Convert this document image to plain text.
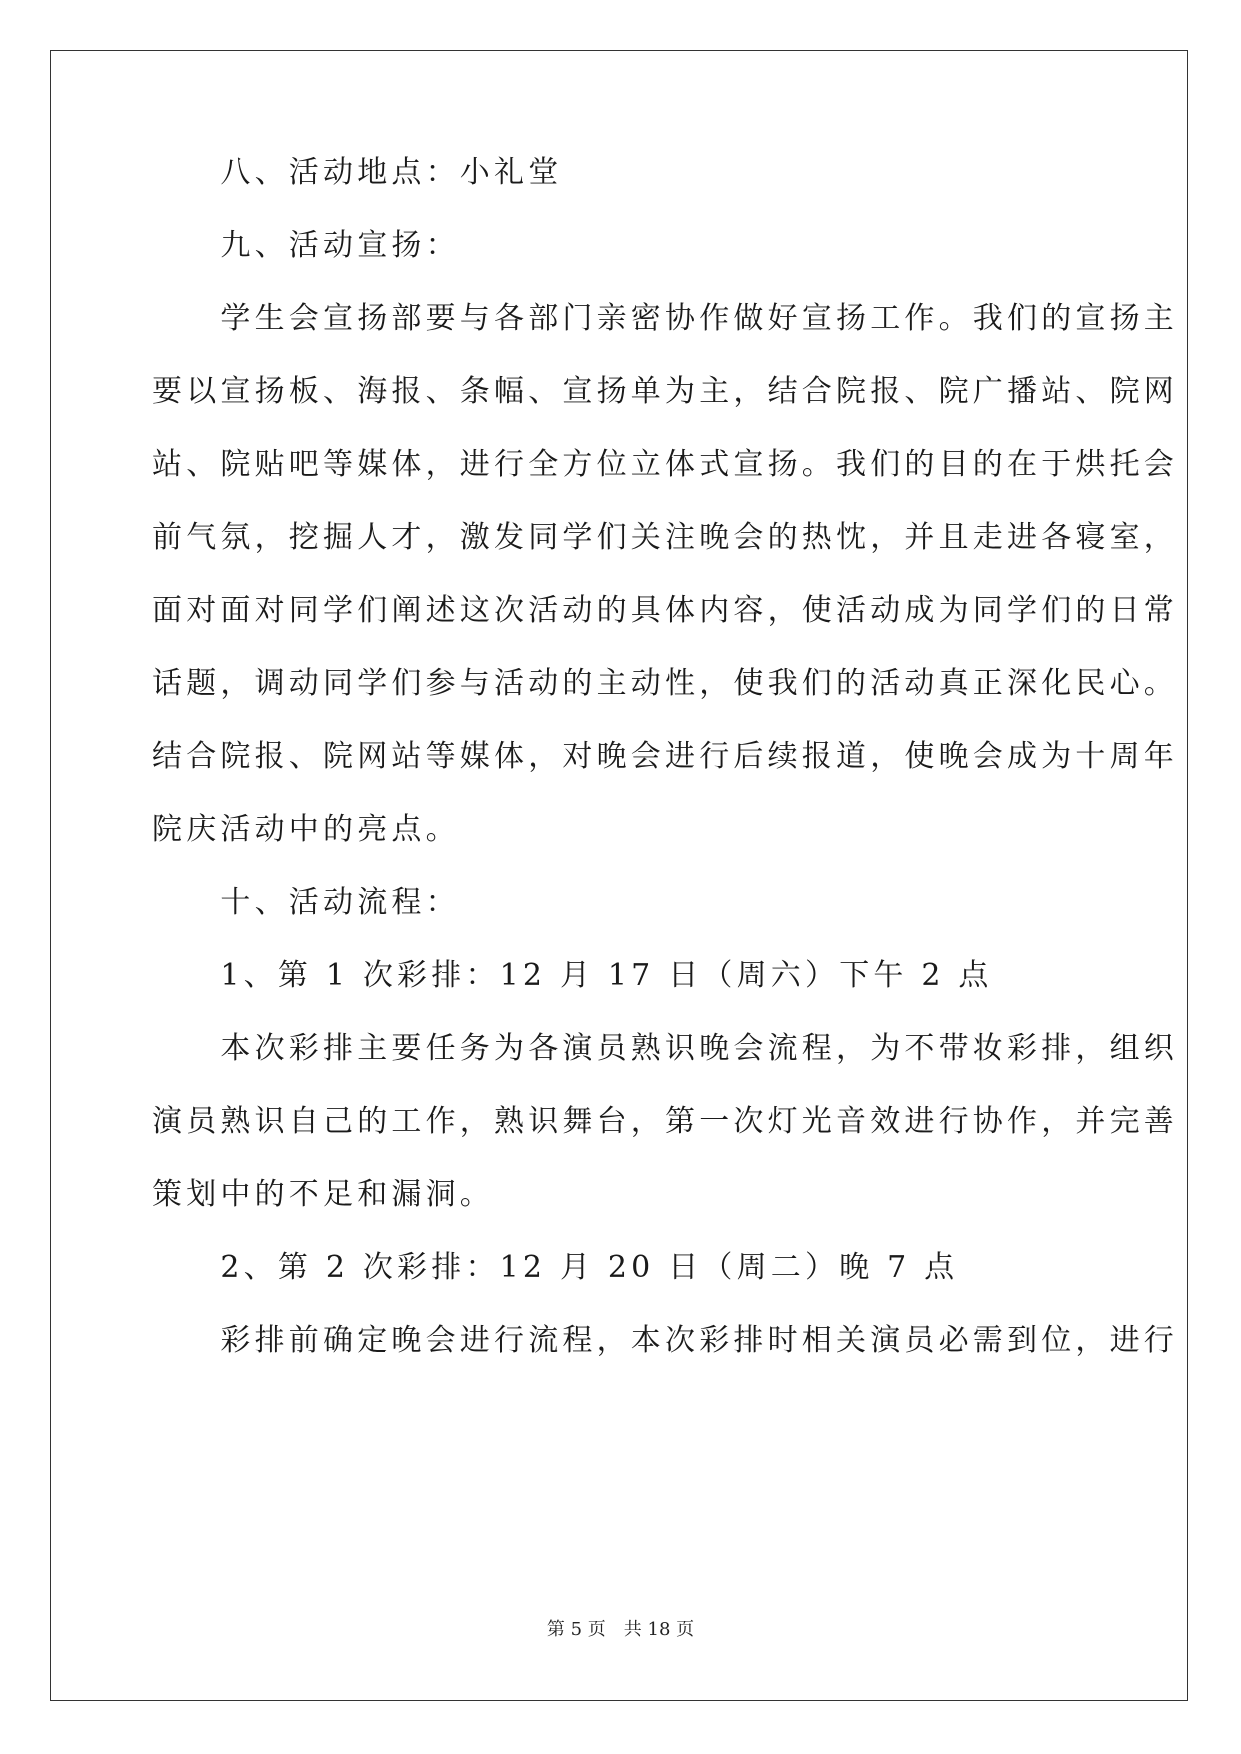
　　八、活动地点：小礼堂
　　九、活动宣扬：
　　学生会宣扬部要与各部门亲密协作做好宣扬工作。我们的宣扬主
要以宣扬板、海报、条幅、宣扬单为主，结合院报、院广播站、院网
站、院贴吧等媒体，进行全方位立体式宣扬。我们的目的在于烘托会
前气氛，挖掘人才，激发同学们关注晚会的热忱，并且走进各寝室，
面对面对同学们阐述这次活动的具体内容，使活动成为同学们的日常
话题，调动同学们参与活动的主动性，使我们的活动真正深化民心。
结合院报、院网站等媒体，对晚会进行后续报道，使晚会成为十周年
院庆活动中的亮点。
　　十、活动流程：
　　1、第 1 次彩排：12 月 17 日（周六）下午 2 点
　　本次彩排主要任务为各演员熟识晚会流程，为不带妆彩排，组织
演员熟识自己的工作，熟识舞台，第一次灯光音效进行协作，并完善
策划中的不足和漏洞。
　　2、第 2 次彩排：12 月 20 日（周二）晚 7 点
　　彩排前确定晚会进行流程，本次彩排时相关演员必需到位，进行
第 5 页 共 18 页
